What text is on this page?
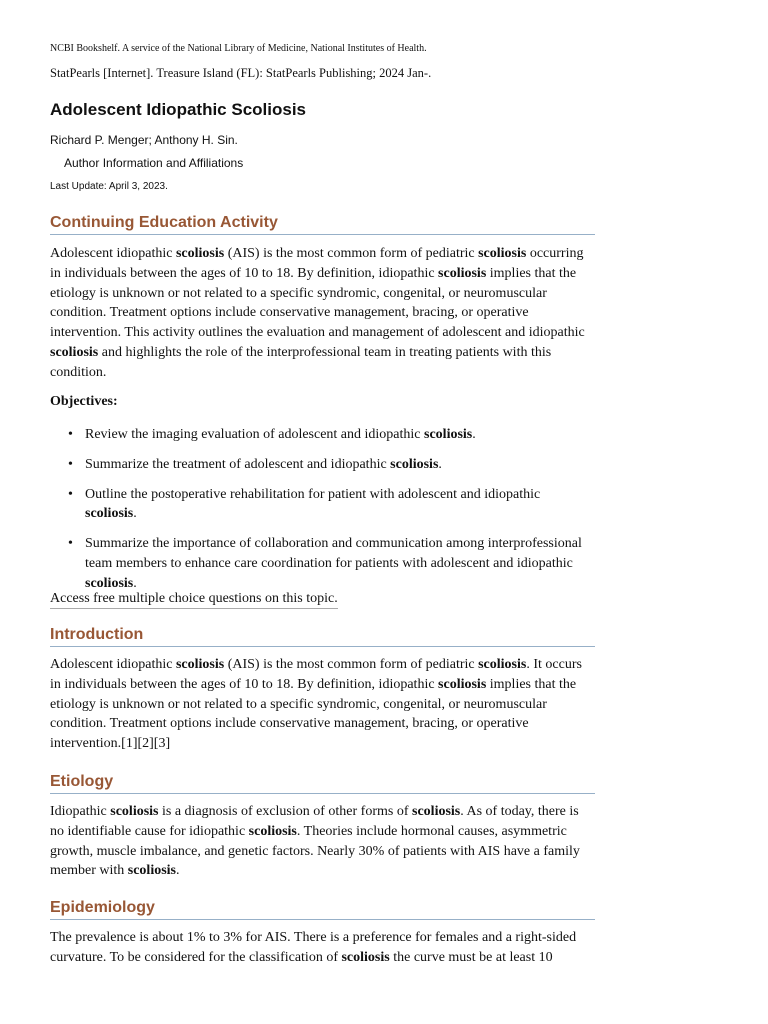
NCBI Bookshelf. A service of the National Library of Medicine, National Institutes of Health.
StatPearls [Internet]. Treasure Island (FL): StatPearls Publishing; 2024 Jan-.
Adolescent Idiopathic Scoliosis
Richard P. Menger; Anthony H. Sin.
Author Information and Affiliations
Last Update: April 3, 2023.
Continuing Education Activity

Adolescent idiopathic scoliosis (AIS) is the most common form of pediatric scoliosis occurring in individuals between the ages of 10 to 18. By definition, idiopathic scoliosis implies that the etiology is unknown or not related to a specific syndromic, congenital, or neuromuscular condition. Treatment options include conservative management, bracing, or operative intervention. This activity outlines the evaluation and management of adolescent and idiopathic scoliosis and highlights the role of the interprofessional team in treating patients with this condition.

Objectives:
• Review the imaging evaluation of adolescent and idiopathic scoliosis.
• Summarize the treatment of adolescent and idiopathic scoliosis.
• Outline the postoperative rehabilitation for patient with adolescent and idiopathic scoliosis.
• Summarize the importance of collaboration and communication among interprofessional team members to enhance care coordination for patients with adolescent and idiopathic scoliosis.
Access free multiple choice questions on this topic.
Introduction

Adolescent idiopathic scoliosis (AIS) is the most common form of pediatric scoliosis. It occurs in individuals between the ages of 10 to 18. By definition, idiopathic scoliosis implies that the etiology is unknown or not related to a specific syndromic, congenital, or neuromuscular condition. Treatment options include conservative management, bracing, or operative intervention.[1][2][3]

Etiology

Idiopathic scoliosis is a diagnosis of exclusion of other forms of scoliosis. As of today, there is no identifiable cause for idiopathic scoliosis. Theories include hormonal causes, asymmetric growth, muscle imbalance, and genetic factors. Nearly 30% of patients with AIS have a family member with scoliosis.

Epidemiology

The prevalence is about 1% to 3% for AIS. There is a preference for females and a right-sided curvature. To be considered for the classification of scoliosis the curve must be at least 10
